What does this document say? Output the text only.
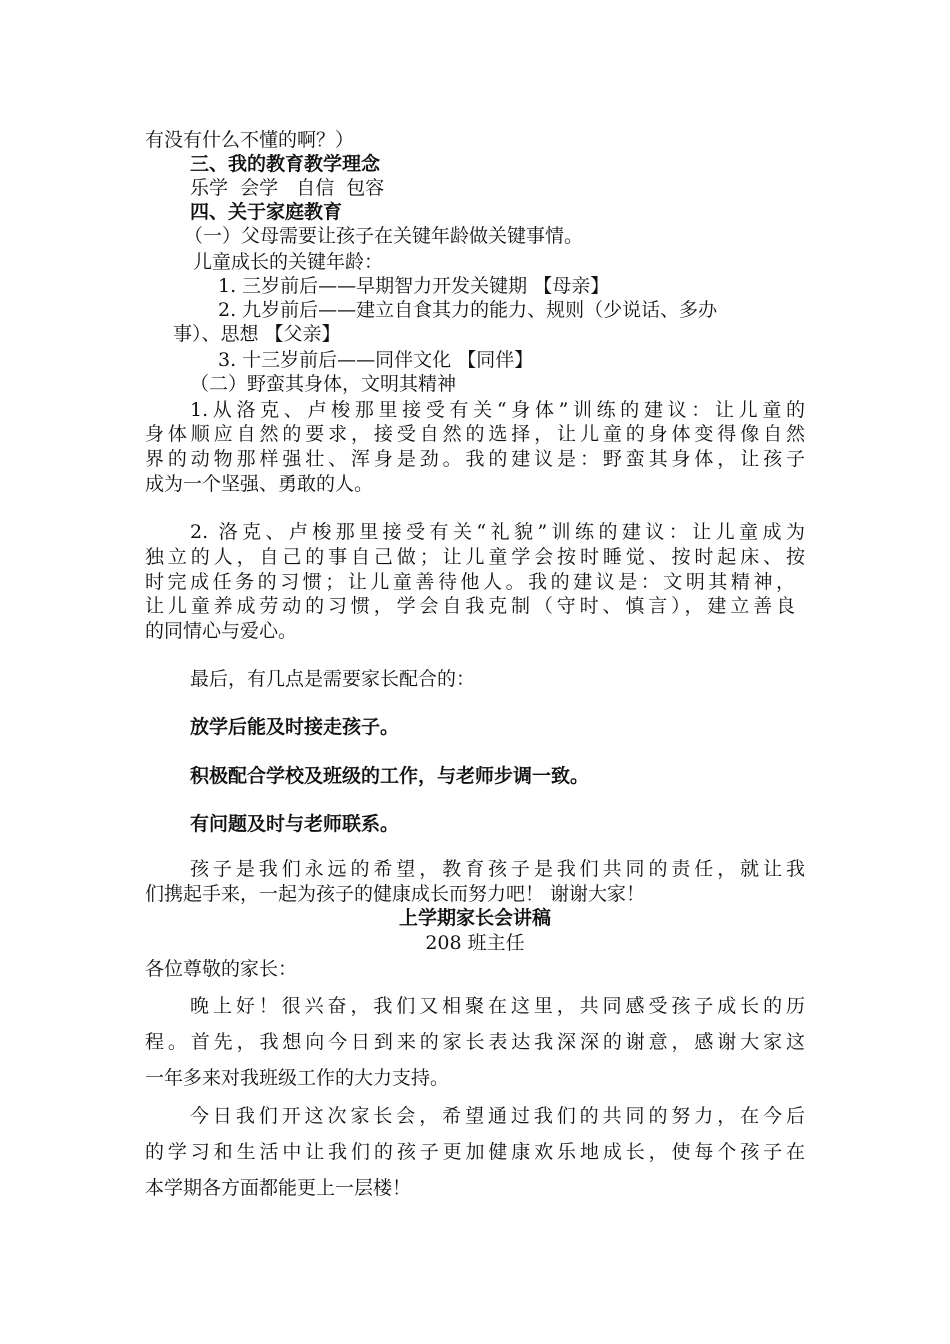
有没有什么不懂的啊？）
三、我的教育教学理念
乐学  会学   自信  包容
四、关于家庭教育
（一）父母需要让孩子在关键年龄做关键事情。
儿童成长的关键年龄：
1. 三岁前后——早期智力开发关键期 【母亲】
2. 九岁前后——建立自食其力的能力、规则（少说话、多办
事）、思想 【父亲】
3. 十三岁前后——同伴文化 【同伴】
（二）野蛮其身体，文明其精神
1.从洛克、卢梭那里接受有关“身体”训练的建议：让儿童的
身体顺应自然的要求，接受自然的选择，让儿童的身体变得像自然
界的动物那样强壮、浑身是劲。我的建议是：野蛮其身体，让孩子
成为一个坚强、勇敢的人。
2. 洛克、卢梭那里接受有关“礼貌”训练的建议：让儿童成为
独立的人，自己的事自己做；让儿童学会按时睡觉、按时起床、按
时完成任务的习惯；让儿童善待他人。我的建议是：文明其精神，
让儿童养成劳动的习惯，学会自我克制（守时、慎言），建立善良
的同情心与爱心。
最后，有几点是需要家长配合的：
放学后能及时接走孩子。
积极配合学校及班级的工作，与老师步调一致。
有问题及时与老师联系。
孩子是我们永远的希望，教育孩子是我们共同的责任，就让我
们携起手来，一起为孩子的健康成长而努力吧！ 谢谢大家！
上学期家长会讲稿
208 班主任
各位尊敬的家长：
晚上好！很兴奋，我们又相聚在这里，共同感受孩子成长的历
程。首先，我想向今日到来的家长表达我深深的谢意，感谢大家这
一年多来对我班级工作的大力支持。
今日我们开这次家长会，希望通过我们的共同的努力，在今后
的学习和生活中让我们的孩子更加健康欢乐地成长，使每个孩子在
本学期各方面都能更上一层楼！
